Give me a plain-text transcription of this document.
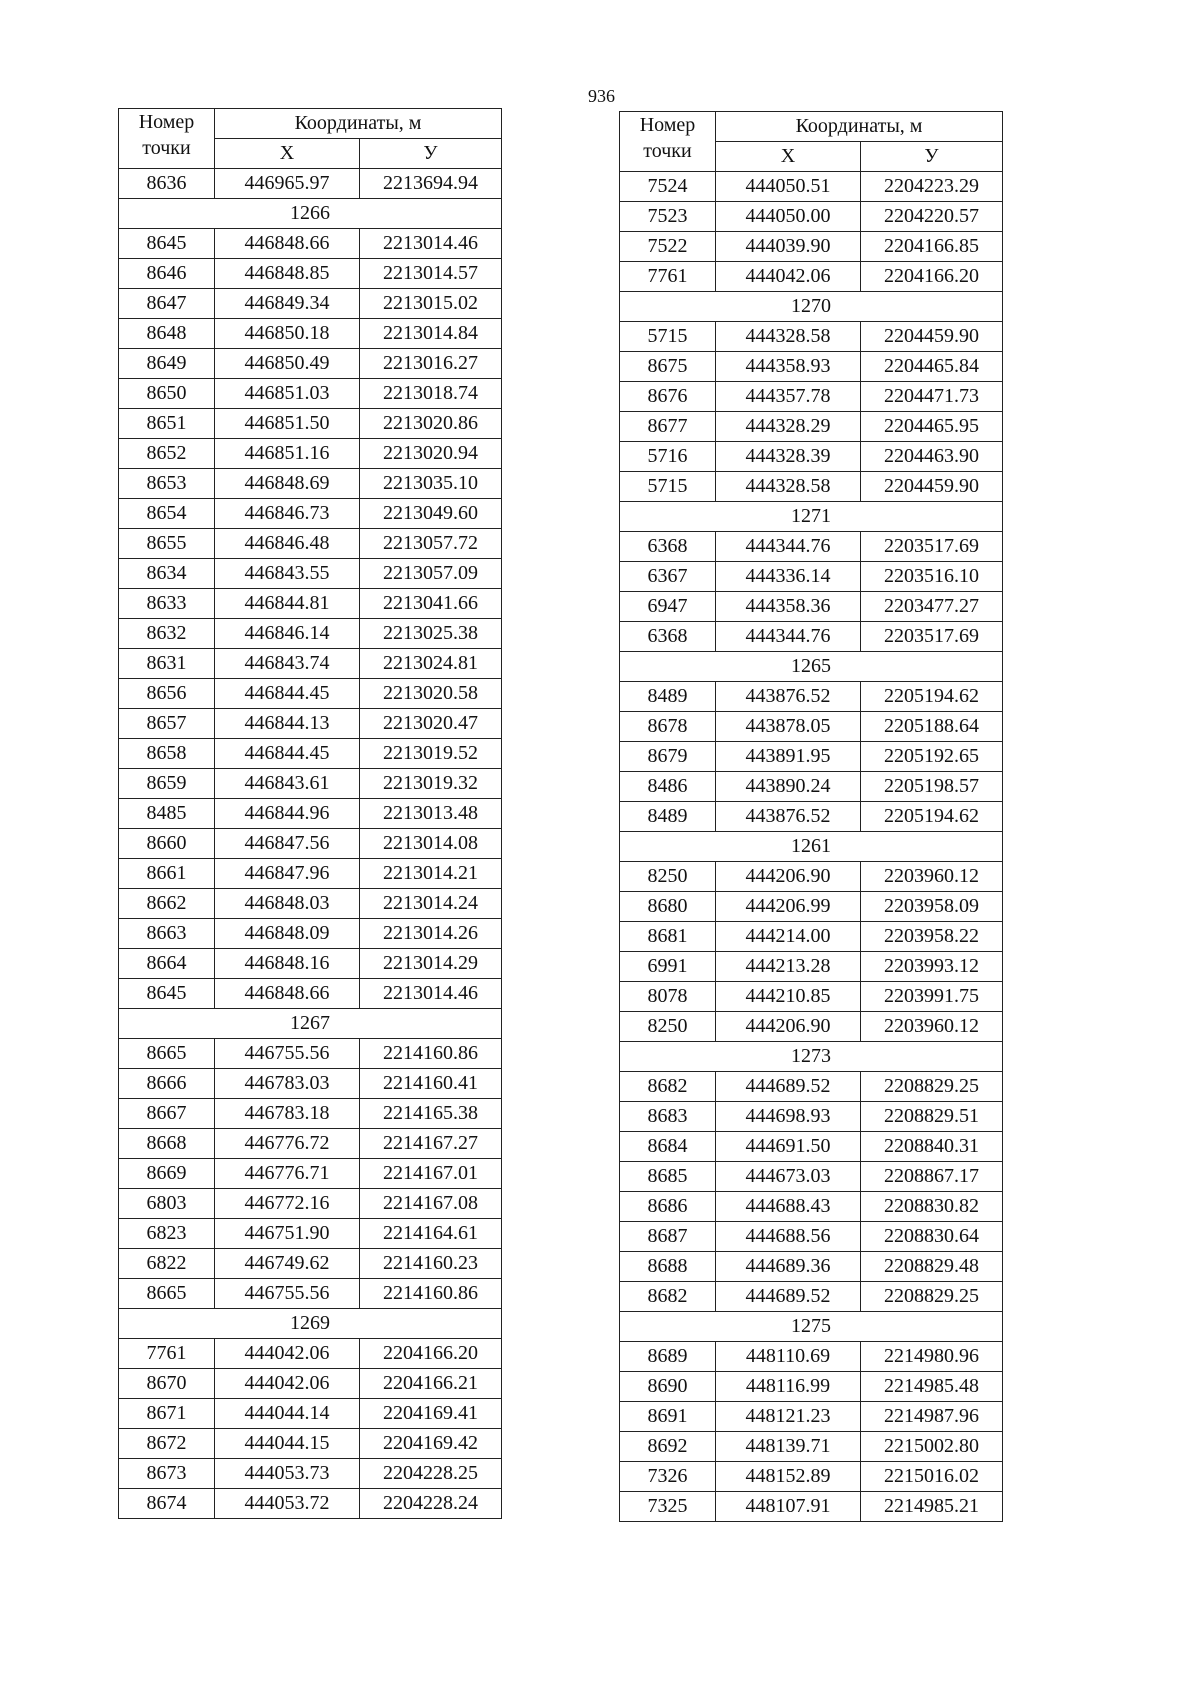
936
Номер
точки	Координаты, м	
	Х	У
8636	446965.97	2213694.94
1266		
8645	446848.66	2213014.46
8646	446848.85	2213014.57
8647	446849.34	2213015.02
8648	446850.18	2213014.84
8649	446850.49	2213016.27
8650	446851.03	2213018.74
8651	446851.50	2213020.86
8652	446851.16	2213020.94
8653	446848.69	2213035.10
8654	446846.73	2213049.60
8655	446846.48	2213057.72
8634	446843.55	2213057.09
8633	446844.81	2213041.66
8632	446846.14	2213025.38
8631	446843.74	2213024.81
8656	446844.45	2213020.58
8657	446844.13	2213020.47
8658	446844.45	2213019.52
8659	446843.61	2213019.32
8485	446844.96	2213013.48
8660	446847.56	2213014.08
8661	446847.96	2213014.21
8662	446848.03	2213014.24
8663	446848.09	2213014.26
8664	446848.16	2213014.29
8645	446848.66	2213014.46
1267		
8665	446755.56	2214160.86
8666	446783.03	2214160.41
8667	446783.18	2214165.38
8668	446776.72	2214167.27
8669	446776.71	2214167.01
6803	446772.16	2214167.08
6823	446751.90	2214164.61
6822	446749.62	2214160.23
8665	446755.56	2214160.86
1269		
7761	444042.06	2204166.20
8670	444042.06	2204166.21
8671	444044.14	2204169.41
8672	444044.15	2204169.42
8673	444053.73	2204228.25
8674	444053.72	2204228.24
Номер
точки	Координаты, м	
	Х	У
7524	444050.51	2204223.29
7523	444050.00	2204220.57
7522	444039.90	2204166.85
7761	444042.06	2204166.20
1270		
5715	444328.58	2204459.90
8675	444358.93	2204465.84
8676	444357.78	2204471.73
8677	444328.29	2204465.95
5716	444328.39	2204463.90
5715	444328.58	2204459.90
1271		
6368	444344.76	2203517.69
6367	444336.14	2203516.10
6947	444358.36	2203477.27
6368	444344.76	2203517.69
1265		
8489	443876.52	2205194.62
8678	443878.05	2205188.64
8679	443891.95	2205192.65
8486	443890.24	2205198.57
8489	443876.52	2205194.62
1261		
8250	444206.90	2203960.12
8680	444206.99	2203958.09
8681	444214.00	2203958.22
6991	444213.28	2203993.12
8078	444210.85	2203991.75
8250	444206.90	2203960.12
1273		
8682	444689.52	2208829.25
8683	444698.93	2208829.51
8684	444691.50	2208840.31
8685	444673.03	2208867.17
8686	444688.43	2208830.82
8687	444688.56	2208830.64
8688	444689.36	2208829.48
8682	444689.52	2208829.25
1275		
8689	448110.69	2214980.96
8690	448116.99	2214985.48
8691	448121.23	2214987.96
8692	448139.71	2215002.80
7326	448152.89	2215016.02
7325	448107.91	2214985.21
